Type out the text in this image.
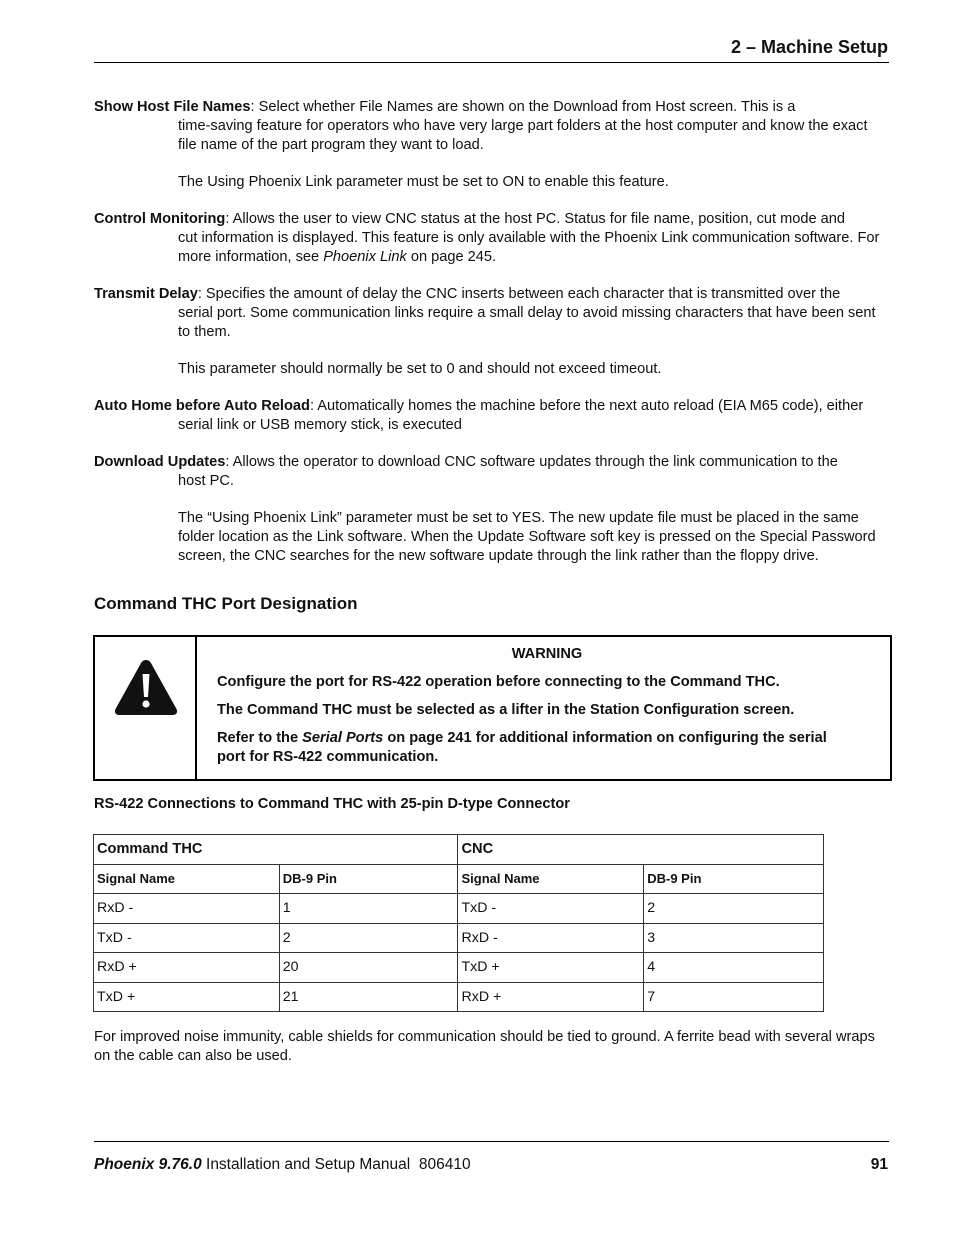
2 – Machine Setup
Show Host File Names: Select whether File Names are shown on the Download from Host screen. This is a
time-saving feature for operators who have very large part folders at the host computer and know the exact
file name of the part program they want to load.
The Using Phoenix Link parameter must be set to ON to enable this feature.
Control Monitoring: Allows the user to view CNC status at the host PC. Status for file name, position, cut mode and
cut information is displayed. This feature is only available with the Phoenix Link communication software. For
more information, see Phoenix Link on page 245.
Transmit Delay: Specifies the amount of delay the CNC inserts between each character that is transmitted over the
serial port. Some communication links require a small delay to avoid missing characters that have been sent
to them.
This parameter should normally be set to 0 and should not exceed timeout.
Auto Home before Auto Reload: Automatically homes the machine before the next auto reload (EIA M65 code), either
serial link or USB memory stick, is executed
Download Updates: Allows the operator to download CNC software updates through the link communication to the
host PC.
The “Using Phoenix Link” parameter must be set to YES. The new update file must be placed in the same
folder location as the Link software. When the Update Software soft key is pressed on the Special Password
screen, the CNC searches for the new software update through the link rather than the floppy drive.
Command THC Port Designation
WARNING
Configure the port for RS-422 operation before connecting to the Command THC.
The Command THC must be selected as a lifter in the Station Configuration screen.
Refer to the Serial Ports on page 241 for additional information on configuring the serial
port for RS-422 communication.
RS-422 Connections to Command THC with 25-pin D-type Connector
Command THC		CNC	
Signal Name	DB-9 Pin	Signal Name	DB-9 Pin
RxD -	1	TxD -	2
TxD -	2	RxD -	3
RxD +	20	TxD +	4
TxD +	21	RxD +	7
For improved noise immunity, cable shields for communication should be tied to ground. A ferrite bead with several wraps
on the cable can also be used.
Phoenix 9.76.0 Installation and Setup Manual  806410	91
